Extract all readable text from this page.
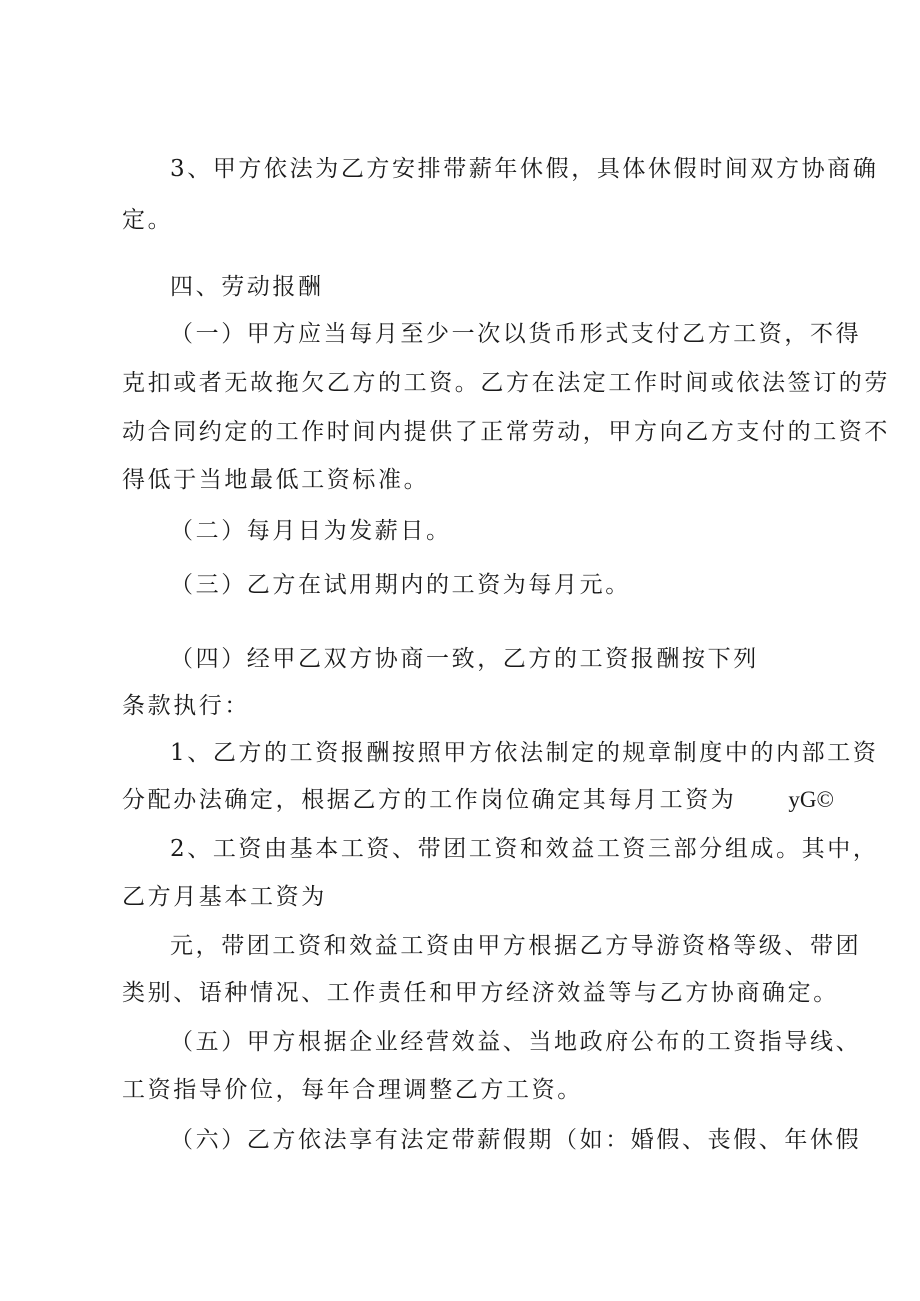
3、甲方依法为乙方安排带薪年休假，具体休假时间双方协商确
定。
四、劳动报酬
（一）甲方应当每月至少一次以货币形式支付乙方工资，不得
克扣或者无故拖欠乙方的工资。乙方在法定工作时间或依法签订的劳
动合同约定的工作时间内提供了正常劳动，甲方向乙方支付的工资不
得低于当地最低工资标准。
（二）每月日为发薪日。
（三）乙方在试用期内的工资为每月元。
（四）经甲乙双方协商一致，乙方的工资报酬按下列
条款执行：
1、乙方的工资报酬按照甲方依法制定的规章制度中的内部工资
分配办法确定，根据乙方的工作岗位确定其每月工资为 yG©
2、工资由基本工资、带团工资和效益工资三部分组成。其中，
乙方月基本工资为
元，带团工资和效益工资由甲方根据乙方导游资格等级、带团
类别、语种情况、工作责任和甲方经济效益等与乙方协商确定。
（五）甲方根据企业经营效益、当地政府公布的工资指导线、
工资指导价位，每年合理调整乙方工资。
（六）乙方依法享有法定带薪假期（如：婚假、丧假、年休假
